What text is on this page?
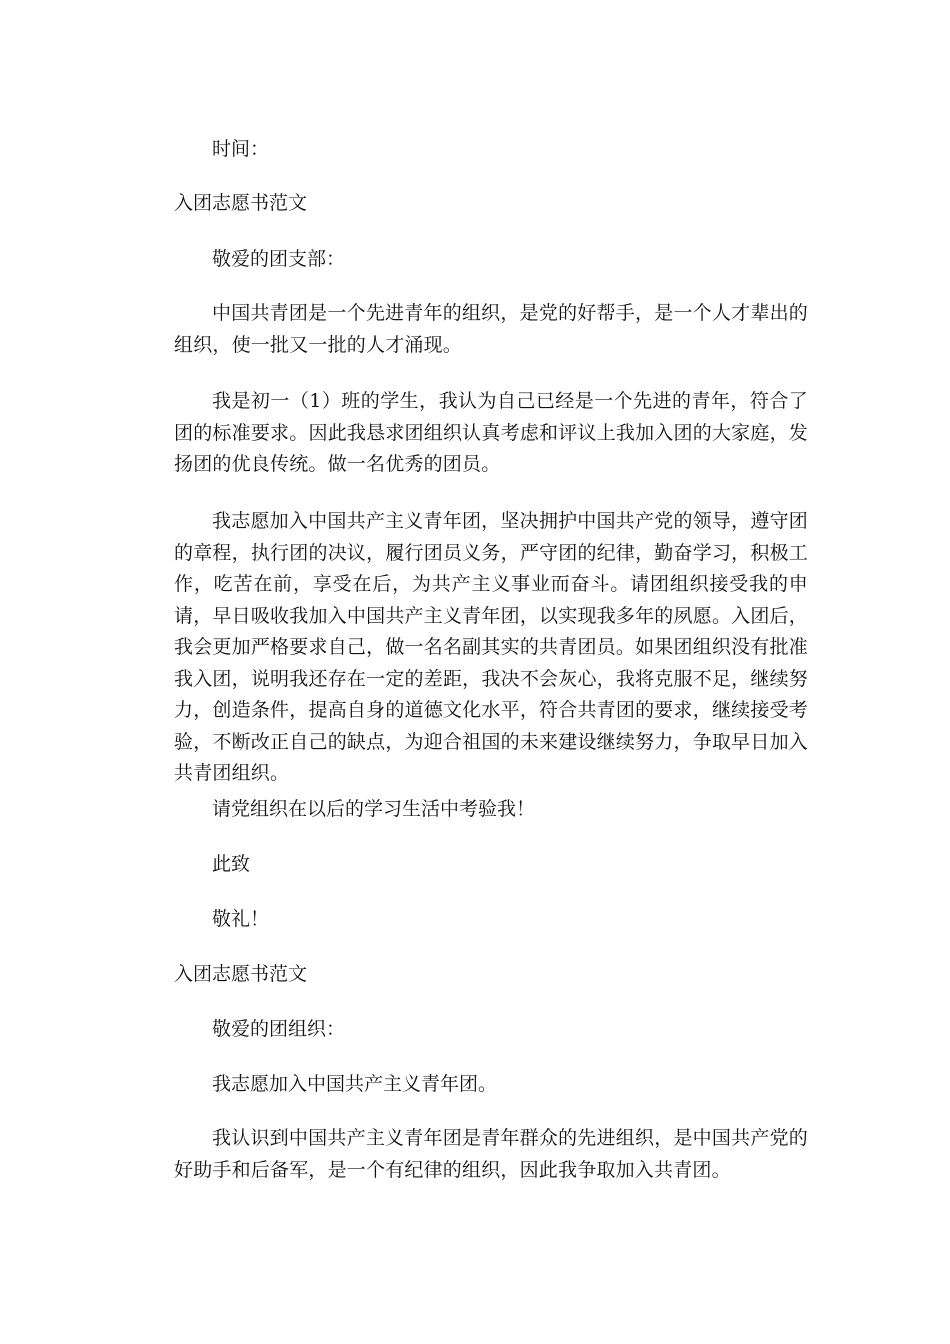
时间：

入团志愿书范文

敬爱的团支部：

中国共青团是一个先进青年的组织，是党的好帮手，是一个人才辈出的组织，使一批又一批的人才涌现。

我是初一（1）班的学生，我认为自己已经是一个先进的青年，符合了团的标准要求。因此我恳求团组织认真考虑和评议上我加入团的大家庭，发扬团的优良传统。做一名优秀的团员。

我志愿加入中国共产主义青年团，坚决拥护中国共产党的领导，遵守团的章程，执行团的决议，履行团员义务，严守团的纪律，勤奋学习，积极工作，吃苦在前，享受在后，为共产主义事业而奋斗。请团组织接受我的申请，早日吸收我加入中国共产主义青年团，以实现我多年的夙愿。入团后，我会更加严格要求自己，做一名名副其实的共青团员。如果团组织没有批准我入团，说明我还存在一定的差距，我决不会灰心，我将克服不足，继续努力，创造条件，提高自身的道德文化水平，符合共青团的要求，继续接受考验，不断改正自己的缺点，为迎合祖国的未来建设继续努力，争取早日加入共青团组织。

请党组织在以后的学习生活中考验我！

此致

敬礼！

入团志愿书范文

敬爱的团组织：

我志愿加入中国共产主义青年团。

我认识到中国共产主义青年团是青年群众的先进组织，是中国共产党的好助手和后备军，是一个有纪律的组织，因此我争取加入共青团。
